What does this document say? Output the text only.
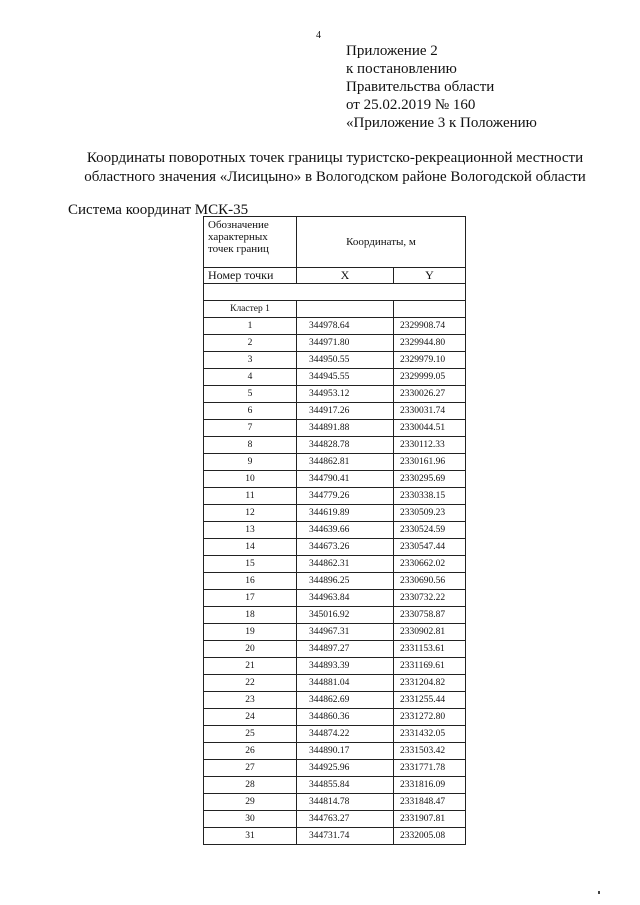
4
Приложение 2
к постановлению
Правительства области
от 25.02.2019 № 160
«Приложение 3 к Положению
Координаты поворотных точек границы туристско-рекреационной местности
областного значения «Лисицыно» в Вологодском районе Вологодской области
Система координат МСК-35
Обозначение характерных точек границ	Координаты, м	
Номер точки	X	Y

Кластер 1		
1	344978.64	2329908.74
2	344971.80	2329944.80
3	344950.55	2329979.10
4	344945.55	2329999.05
5	344953.12	2330026.27
6	344917.26	2330031.74
7	344891.88	2330044.51
8	344828.78	2330112.33
9	344862.81	2330161.96
10	344790.41	2330295.69
11	344779.26	2330338.15
12	344619.89	2330509.23
13	344639.66	2330524.59
14	344673.26	2330547.44
15	344862.31	2330662.02
16	344896.25	2330690.56
17	344963.84	2330732.22
18	345016.92	2330758.87
19	344967.31	2330902.81
20	344897.27	2331153.61
21	344893.39	2331169.61
22	344881.04	2331204.82
23	344862.69	2331255.44
24	344860.36	2331272.80
25	344874.22	2331432.05
26	344890.17	2331503.42
27	344925.96	2331771.78
28	344855.84	2331816.09
29	344814.78	2331848.47
30	344763.27	2331907.81
31	344731.74	2332005.08
